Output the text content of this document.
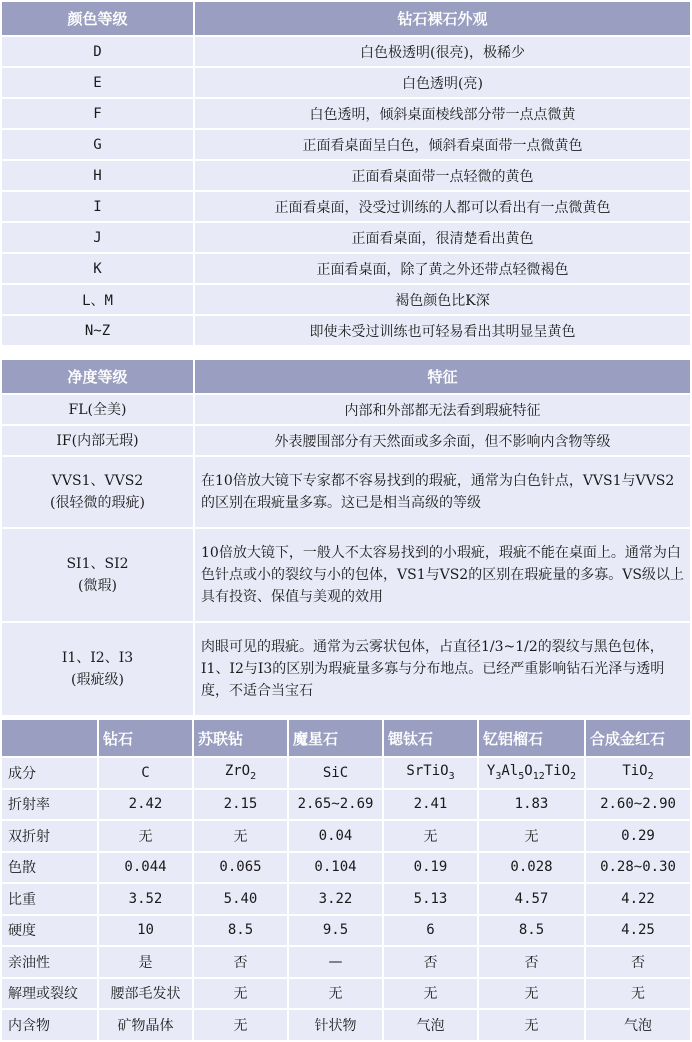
颜色等级	钻石裸石外观
D	白色极透明(很亮)，极稀少
E	白色透明(亮)
F	白色透明，倾斜桌面棱线部分带一点点微黄
G	正面看桌面呈白色，倾斜看桌面带一点微黄色
H	正面看桌面带一点轻微的黄色
I	正面看桌面，没受过训练的人都可以看出有一点微黄色
J	正面看桌面，很清楚看出黄色
K	正面看桌面，除了黄之外还带点轻微褐色
L、M	褐色颜色比K深
N~Z	即使未受过训练也可轻易看出其明显呈黄色
净度等级	特征

FL(全美)	内部和外部都无法看到瑕疵特征

IF(内部无瑕)	外表腰围部分有天然面或多余面，但不影响内含物等级

VVS1、VVS2
(很轻微的瑕疵)	在10倍放大镜下专家都不容易找到的瑕疵，通常为白色针点，VVS1与VVS2的区别在瑕疵量多寡。这已是相当高级的等级

SI1、SI2
(微瑕)	10倍放大镜下，一般人不太容易找到的小瑕疵，瑕疵不能在桌面上。通常为白色针点或小的裂纹与小的包体，VS1与VS2的区别在瑕疵量的多寡。VS级以上具有投资、保值与美观的效用

I1、I2、I3
(瑕疵级)	肉眼可见的瑕疵。通常为云雾状包体，占直径1/3~1/2的裂纹与黑色包体，I1、I2与I3的区别为瑕疵量多寡与分布地点。已经严重影响钻石光泽与透明度，不适合当宝石
	钻石	苏联钻	魔星石	锶钛石	钇铝榴石	合成金红石
成分	C	ZrO$_2$	SiC	SrTiO$_3$	$Y_3Al_5O_{12}TiO_2$	TiO$_2$
折射率	2.42	2.15	2.65~2.69	2.41	1.83	2.60~2.90
双折射	无	无	0.04	无	无	0.29
色散	0.044	0.065	0.104	0.19	0.028	0.28~0.30
比重	3.52	5.40	3.22	5.13	4.57	4.22
硬度	10	8.5	9.5	6	8.5	4.25
亲油性	是	否	—	否	否	否
解理或裂纹	腰部毛发状	无	无	无	无	无
内含物	矿物晶体	无	针状物	气泡	无	气泡
